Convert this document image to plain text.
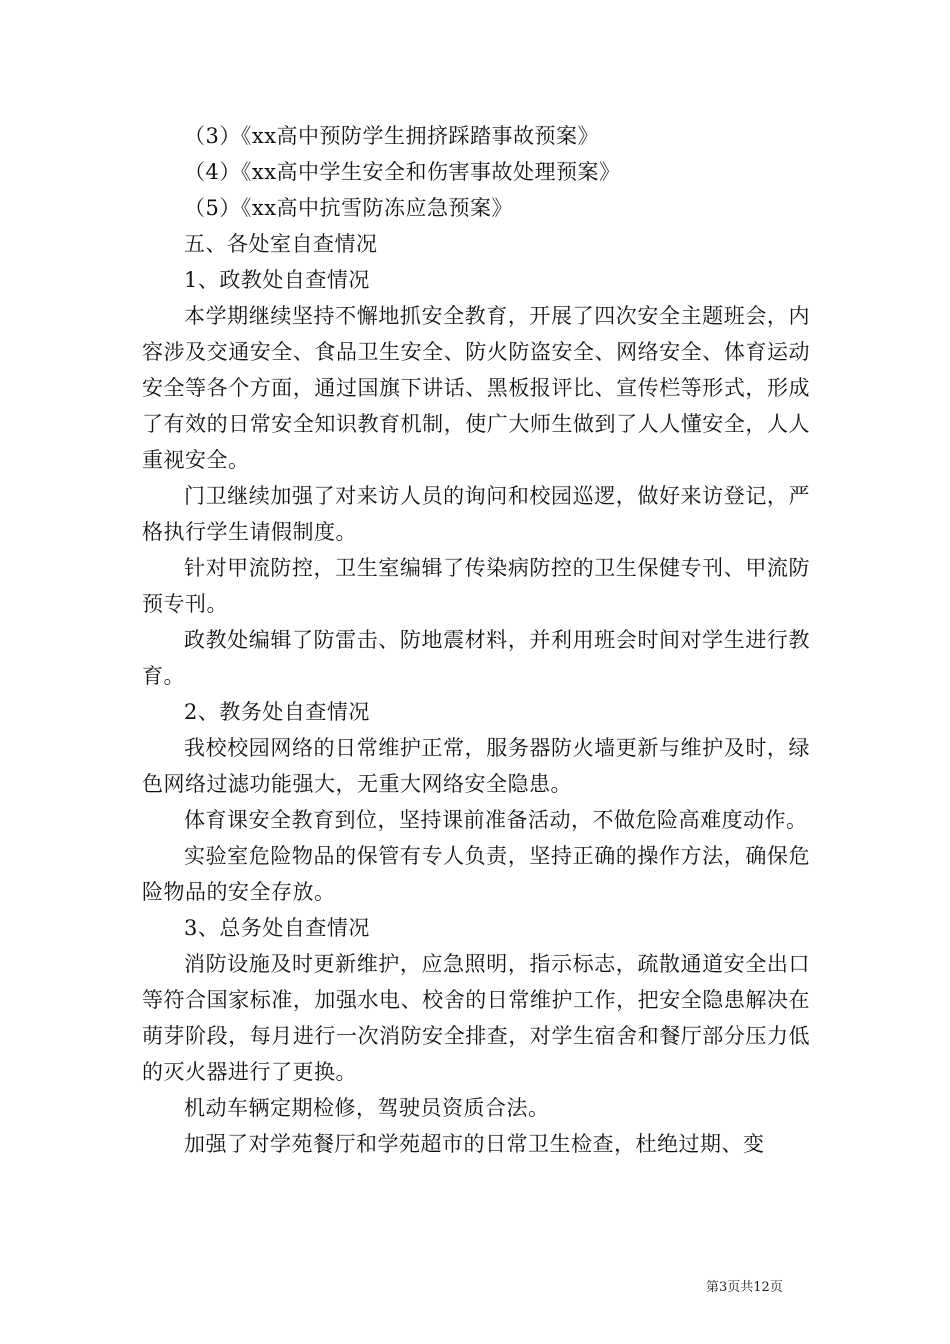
（3）《xx高中预防学生拥挤踩踏事故预案》

（4）《xx高中学生安全和伤害事故处理预案》

（5）《xx高中抗雪防冻应急预案》

五、各处室自查情况

1、政教处自查情况

本学期继续坚持不懈地抓安全教育，开展了四次安全主题班会，内容涉及交通安全、食品卫生安全、防火防盗安全、网络安全、体育运动安全等各个方面，通过国旗下讲话、黑板报评比、宣传栏等形式，形成了有效的日常安全知识教育机制，使广大师生做到了人人懂安全，人人重视安全。

门卫继续加强了对来访人员的询问和校园巡逻，做好来访登记，严格执行学生请假制度。

针对甲流防控，卫生室编辑了传染病防控的卫生保健专刊、甲流防预专刊。

政教处编辑了防雷击、防地震材料，并利用班会时间对学生进行教育。

2、教务处自查情况

我校校园网络的日常维护正常，服务器防火墙更新与维护及时，绿色网络过滤功能强大，无重大网络安全隐患。

体育课安全教育到位，坚持课前准备活动，不做危险高难度动作。

实验室危险物品的保管有专人负责，坚持正确的操作方法，确保危险物品的安全存放。

3、总务处自查情况

消防设施及时更新维护，应急照明，指示标志，疏散通道安全出口等符合国家标准，加强水电、校舍的日常维护工作，把安全隐患解决在萌芽阶段，每月进行一次消防安全排查，对学生宿舍和餐厅部分压力低的灭火器进行了更换。

机动车辆定期检修，驾驶员资质合法。

加强了对学苑餐厅和学苑超市的日常卫生检查，杜绝过期、变

第3页共12页
